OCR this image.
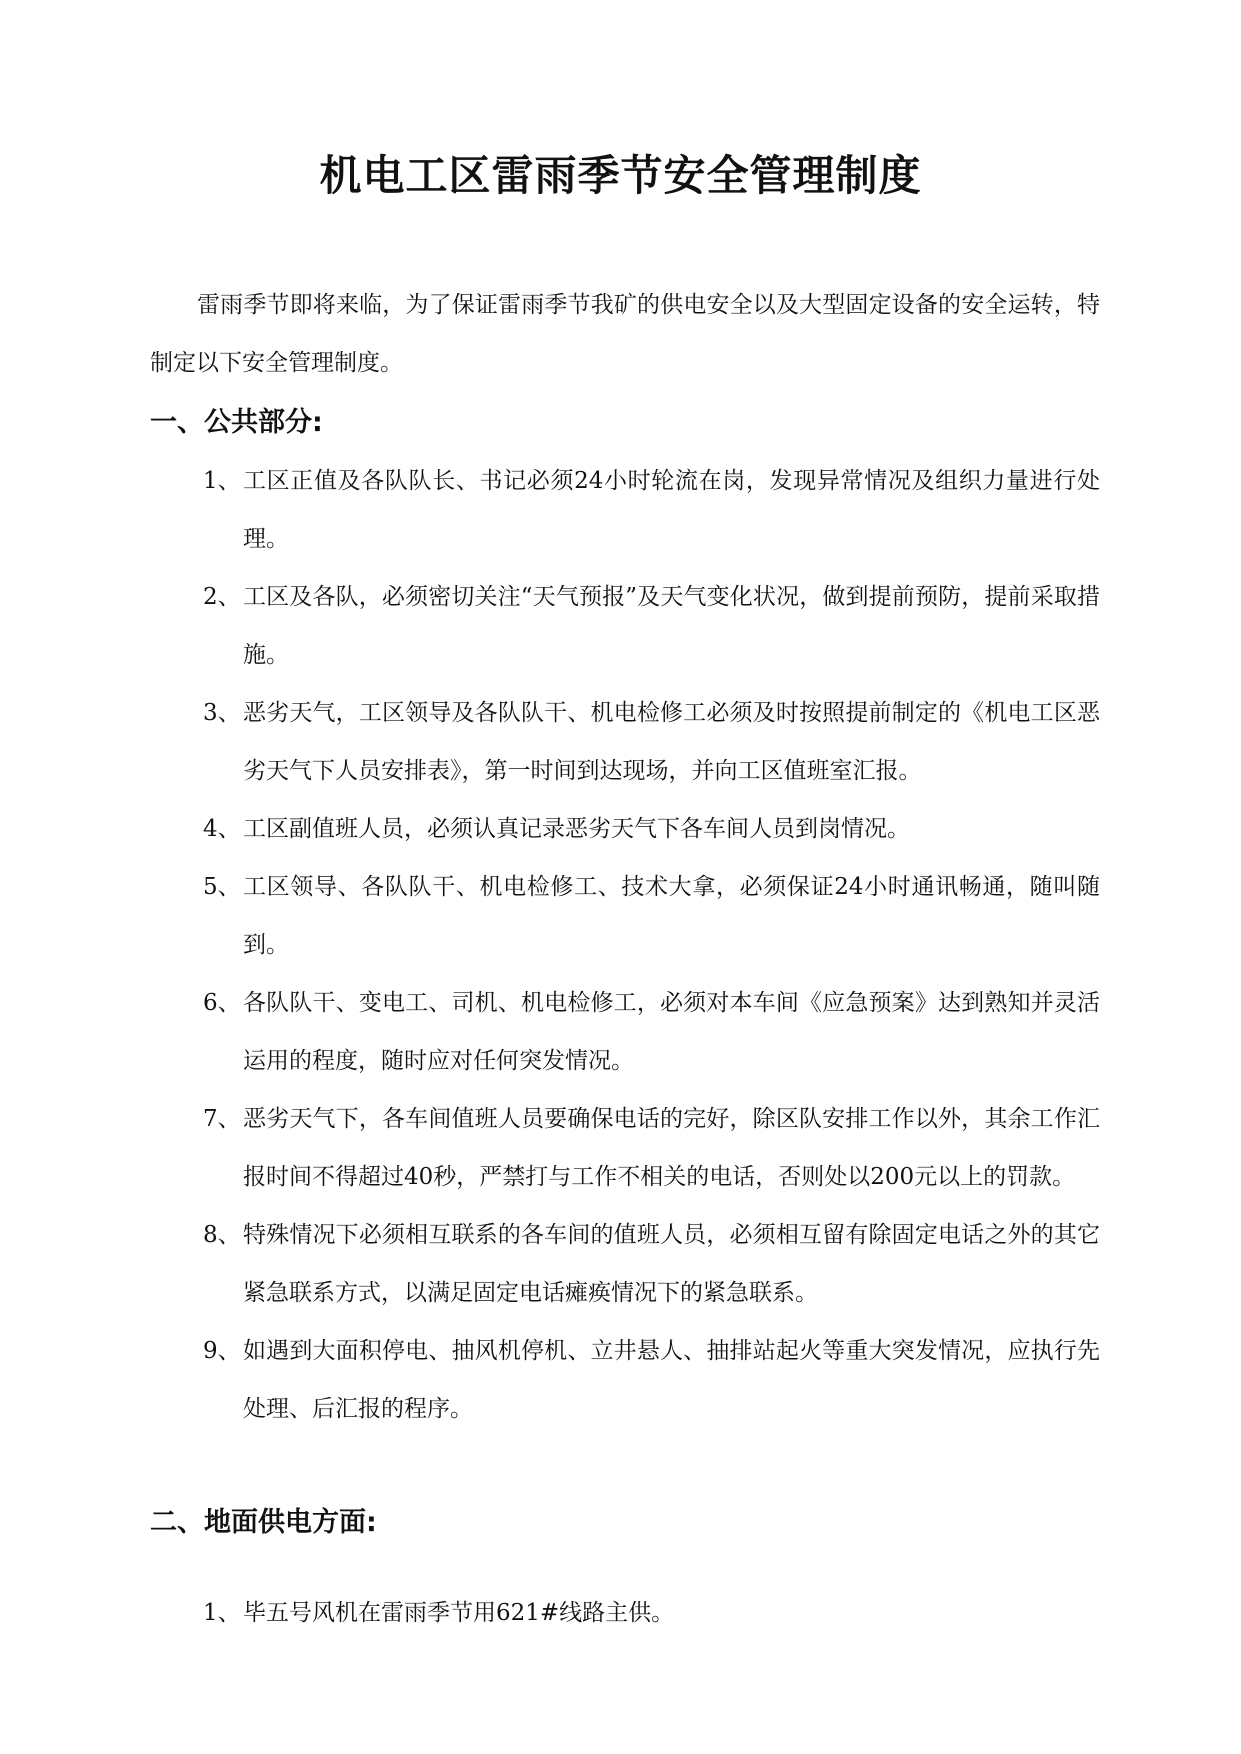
机电工区雷雨季节安全管理制度

雷雨季节即将来临，为了保证雷雨季节我矿的供电安全以及大型固定设备的安全运转，特制定以下安全管理制度。

一、公共部分:
1、 工区正值及各队队长、书记必须24小时轮流在岗，发现异常情况及组织力量进行处理。
2、 工区及各队，必须密切关注“天气预报”及天气变化状况，做到提前预防，提前采取措施。
3、 恶劣天气，工区领导及各队队干、机电检修工必须及时按照提前制定的《机电工区恶劣天气下人员安排表》，第一时间到达现场，并向工区值班室汇报。
4、 工区副值班人员，必须认真记录恶劣天气下各车间人员到岗情况。
5、 工区领导、各队队干、机电检修工、技术大拿，必须保证24小时通讯畅通，随叫随到。
6、 各队队干、变电工、司机、机电检修工，必须对本车间《应急预案》达到熟知并灵活运用的程度，随时应对任何突发情况。
7、 恶劣天气下，各车间值班人员要确保电话的完好，除区队安排工作以外，其余工作汇报时间不得超过40秒，严禁打与工作不相关的电话，否则处以200元以上的罚款。
8、 特殊情况下必须相互联系的各车间的值班人员，必须相互留有除固定电话之外的其它紧急联系方式，以满足固定电话瘫痪情况下的紧急联系。
9、 如遇到大面积停电、抽风机停机、立井悬人、抽排站起火等重大突发情况，应执行先处理、后汇报的程序。
二、地面供电方面:
1、 毕五号风机在雷雨季节用621#线路主供。
